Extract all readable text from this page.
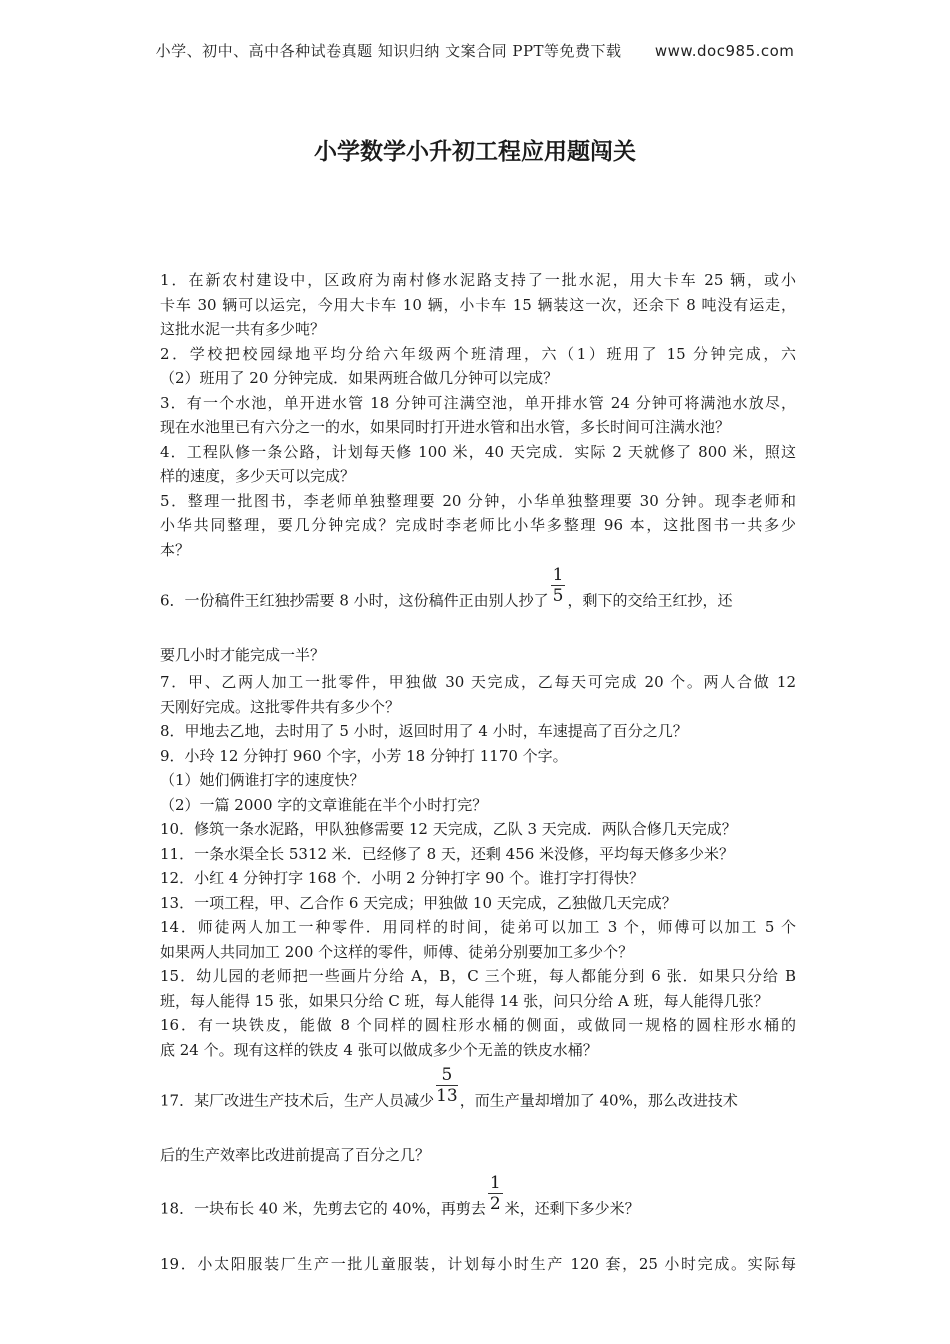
小学、初中、高中各种试卷真题 知识归纳 文案合同 PPT等免费下载 www.doc985.com
小学数学小升初工程应用题闯关
1．在新农村建设中，区政府为南村修水泥路支持了一批水泥，用大卡车 25 辆，或小
卡车 30 辆可以运完，今用大卡车 10 辆，小卡车 15 辆装这一次，还余下 8 吨没有运走，
这批水泥一共有多少吨？
2．学校把校园绿地平均分给六年级两个班清理，六（1）班用了 15 分钟完成，六
（2）班用了 20 分钟完成．如果两班合做几分钟可以完成？
3．有一个水池，单开进水管 18 分钟可注满空池，单开排水管 24 分钟可将满池水放尽，
现在水池里已有六分之一的水，如果同时打开进水管和出水管，多长时间可注满水池？
4．工程队修一条公路，计划每天修 100 米，40 天完成．实际 2 天就修了 800 米，照这
样的速度，多少天可以完成？
5．整理一批图书，李老师单独整理要 20 分钟，小华单独整理要 30 分钟。现李老师和
小华共同整理，要几分钟完成？完成时李老师比小华多整理 96 本，这批图书一共多少
本？
6．一份稿件王红独抄需要 8 小时，这份稿件正由别人抄了 $\frac{1}{5}$ ，剩下的交给王红抄，还
要几小时才能完成一半？
7．甲、乙两人加工一批零件，甲独做 30 天完成，乙每天可完成 20 个。两人合做 12
天刚好完成。这批零件共有多少个？
8．甲地去乙地，去时用了 5 小时，返回时用了 4 小时，车速提高了百分之几？
9．小玲 12 分钟打 960 个字，小芳 18 分钟打 1170 个字。
（1）她们俩谁打字的速度快？
（2）一篇 2000 字的文章谁能在半个小时打完？
10．修筑一条水泥路，甲队独修需要 12 天完成，乙队 3 天完成．两队合修几天完成？
11．一条水渠全长 5312 米．已经修了 8 天，还剩 456 米没修，平均每天修多少米？
12．小红 4 分钟打字 168 个．小明 2 分钟打字 90 个。谁打字打得快？
13．一项工程，甲、乙合作 6 天完成；甲独做 10 天完成，乙独做几天完成？
14．师徒两人加工一种零件．用同样的时间，徒弟可以加工 3 个，师傅可以加工 5 个
如果两人共同加工 200 个这样的零件，师傅、徒弟分别要加工多少个？
15．幼儿园的老师把一些画片分给 A，B，C 三个班，每人都能分到 6 张．如果只分给 B
班，每人能得 15 张，如果只分给 C 班，每人能得 14 张，问只分给 A 班，每人能得几张？
16．有一块铁皮，能做 8 个同样的圆柱形水桶的侧面，或做同一规格的圆柱形水桶的
底 24 个。现有这样的铁皮 4 张可以做成多少个无盖的铁皮水桶？
17．某厂改进生产技术后，生产人员减少 $\frac{5}{13}$ ，而生产量却增加了 40%，那么改进技术
后的生产效率比改进前提高了百分之几？
18．一块布长 40 米，先剪去它的 40%，再剪去 $\frac{1}{2}$ 米，还剩下多少米？
19．小太阳服装厂生产一批儿童服装，计划每小时生产 120 套，25 小时完成。实际每
